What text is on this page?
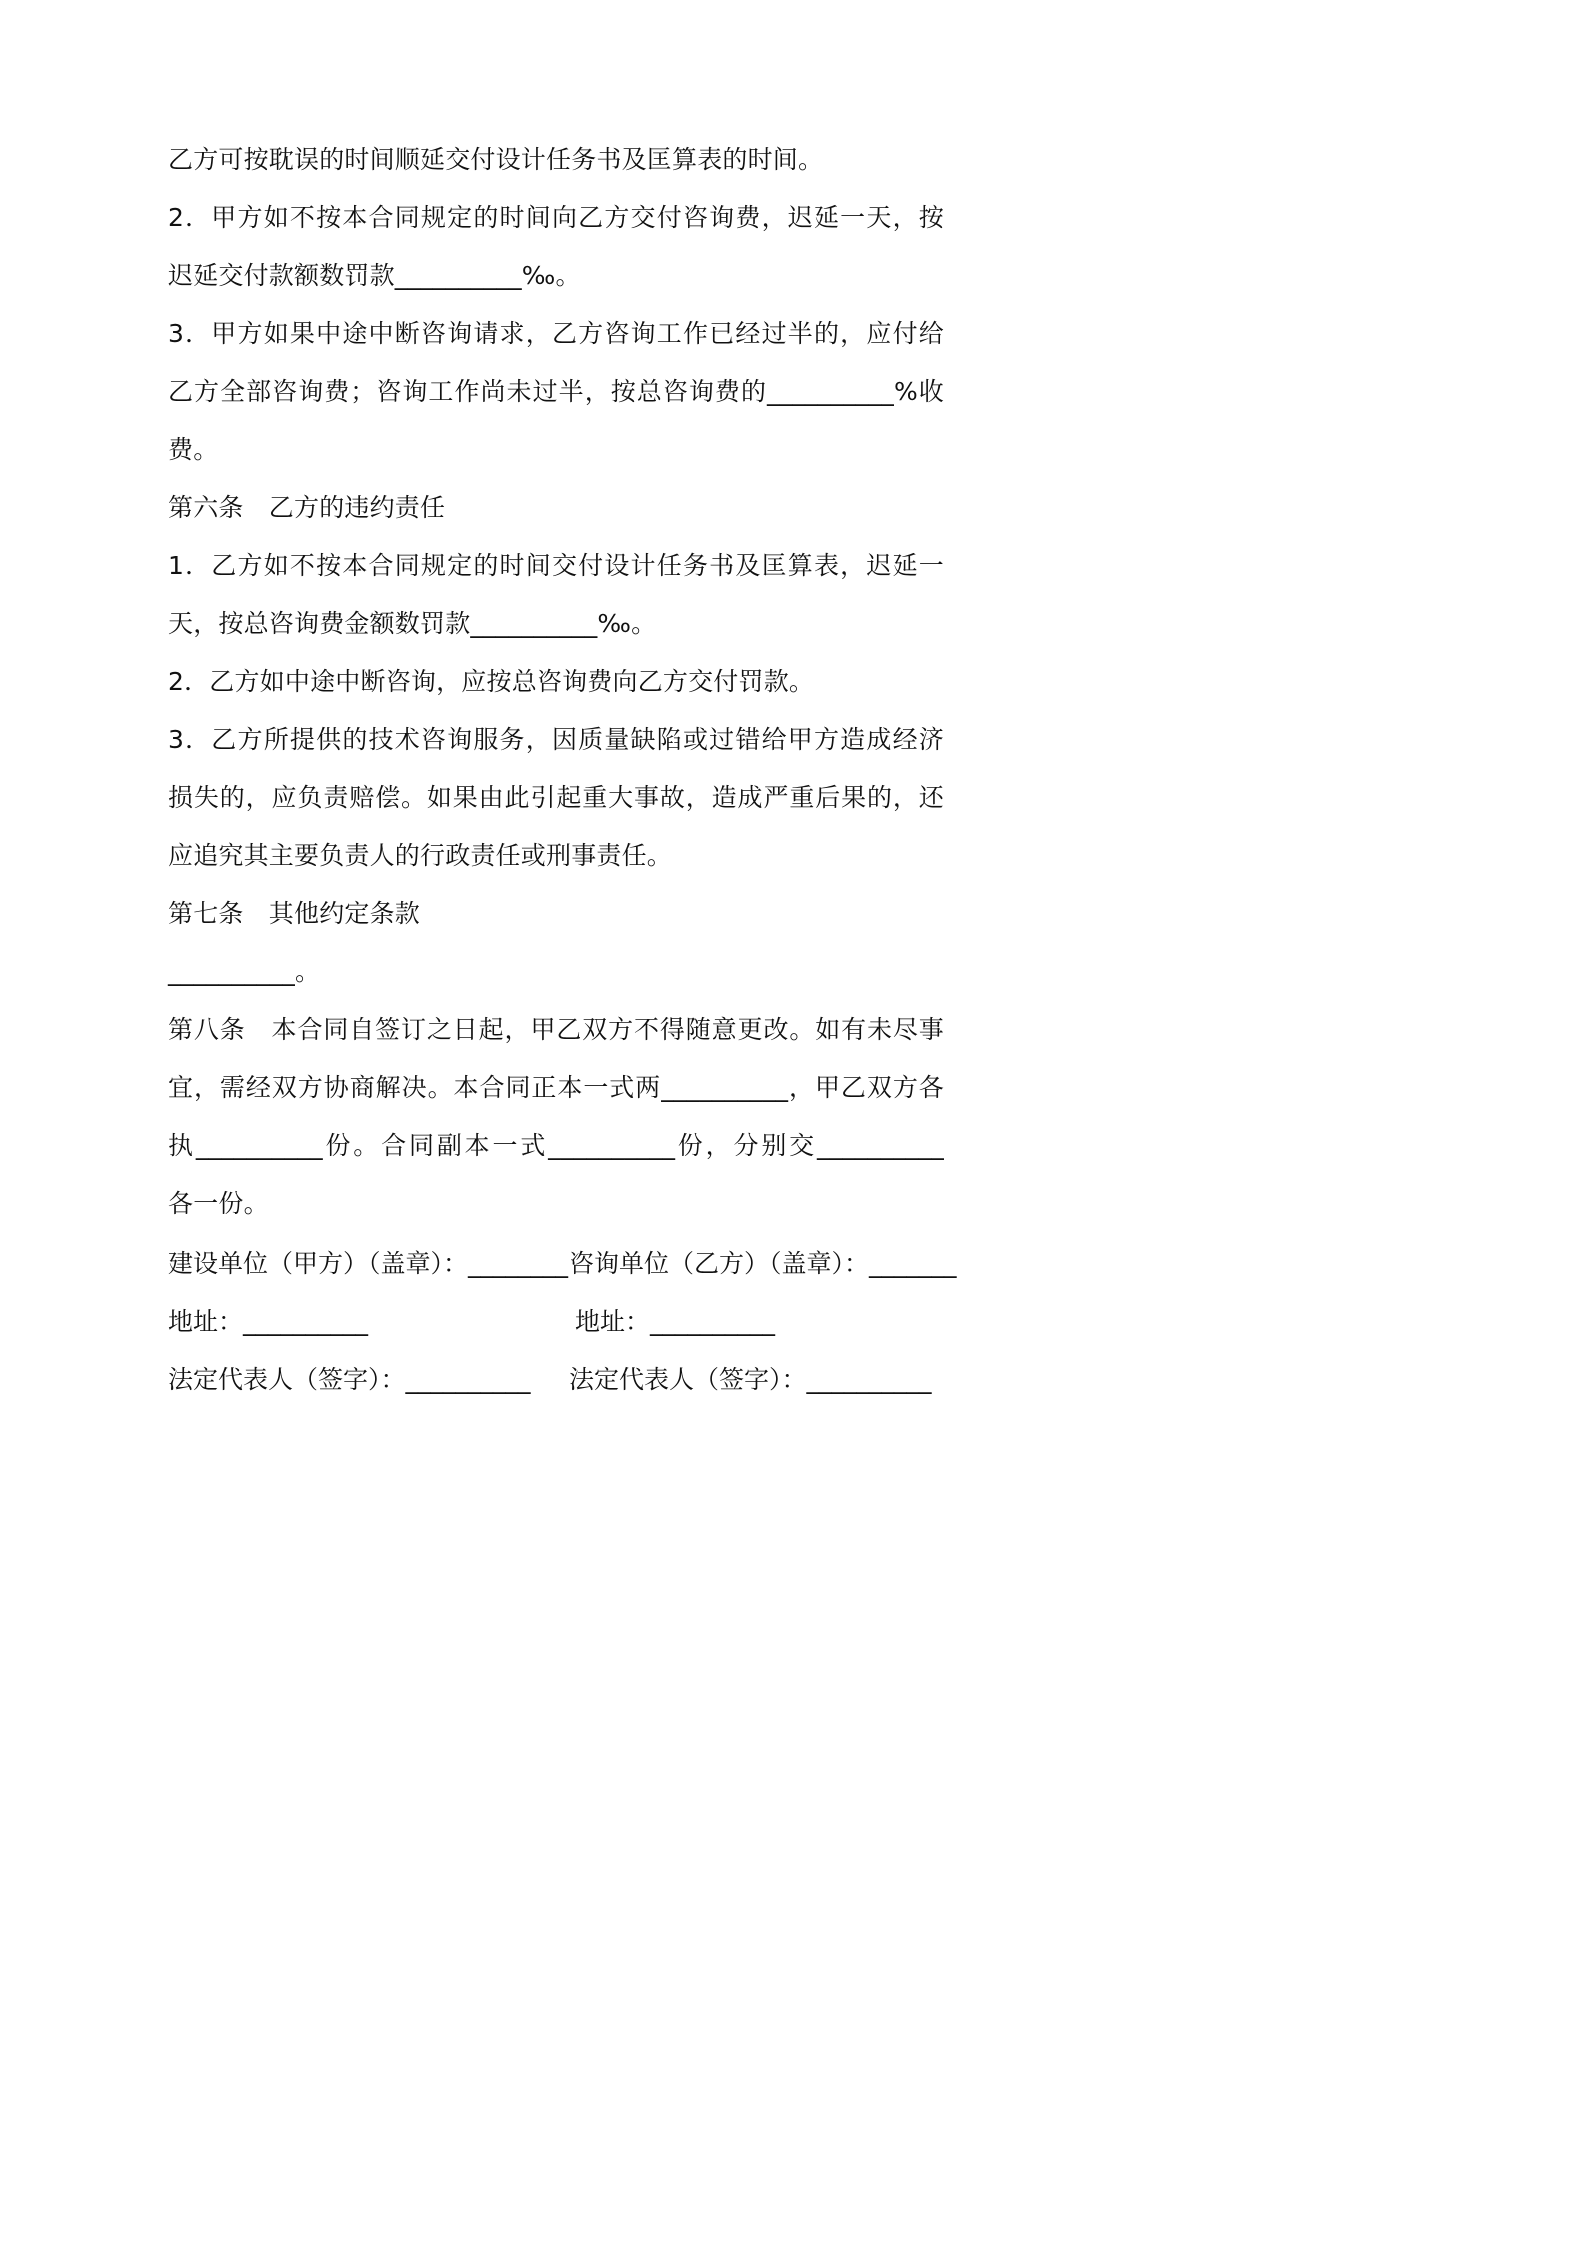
乙方可按耽误的时间顺延交付设计任务书及匡算表的时间。
2．甲方如不按本合同规定的时间向乙方交付咨询费，迟延一天，按
迟延交付款额数罚款__________‰。
3．甲方如果中途中断咨询请求，乙方咨询工作已经过半的，应付给
乙方全部咨询费；咨询工作尚未过半，按总咨询费的__________%收
费。
第六条　乙方的违约责任
1．乙方如不按本合同规定的时间交付设计任务书及匡算表，迟延一
天，按总咨询费金额数罚款__________‰。
2．乙方如中途中断咨询，应按总咨询费向乙方交付罚款。
3．乙方所提供的技术咨询服务，因质量缺陷或过错给甲方造成经济
损失的，应负责赔偿。如果由此引起重大事故，造成严重后果的，还
应追究其主要负责人的行政责任或刑事责任。
第七条　其他约定条款
__________。
第八条　本合同自签订之日起，甲乙双方不得随意更改。如有未尽事
宜，需经双方协商解决。本合同正本一式两__________，甲乙双方各
执__________份。合同副本一式__________份，分别交__________
各一份。
建设单位（甲方）（盖章）：________ 咨询单位（乙方）（盖章）：_______
地址：__________	地址：__________
法定代表人（签字）：__________ 法定代表人（签字）：__________
